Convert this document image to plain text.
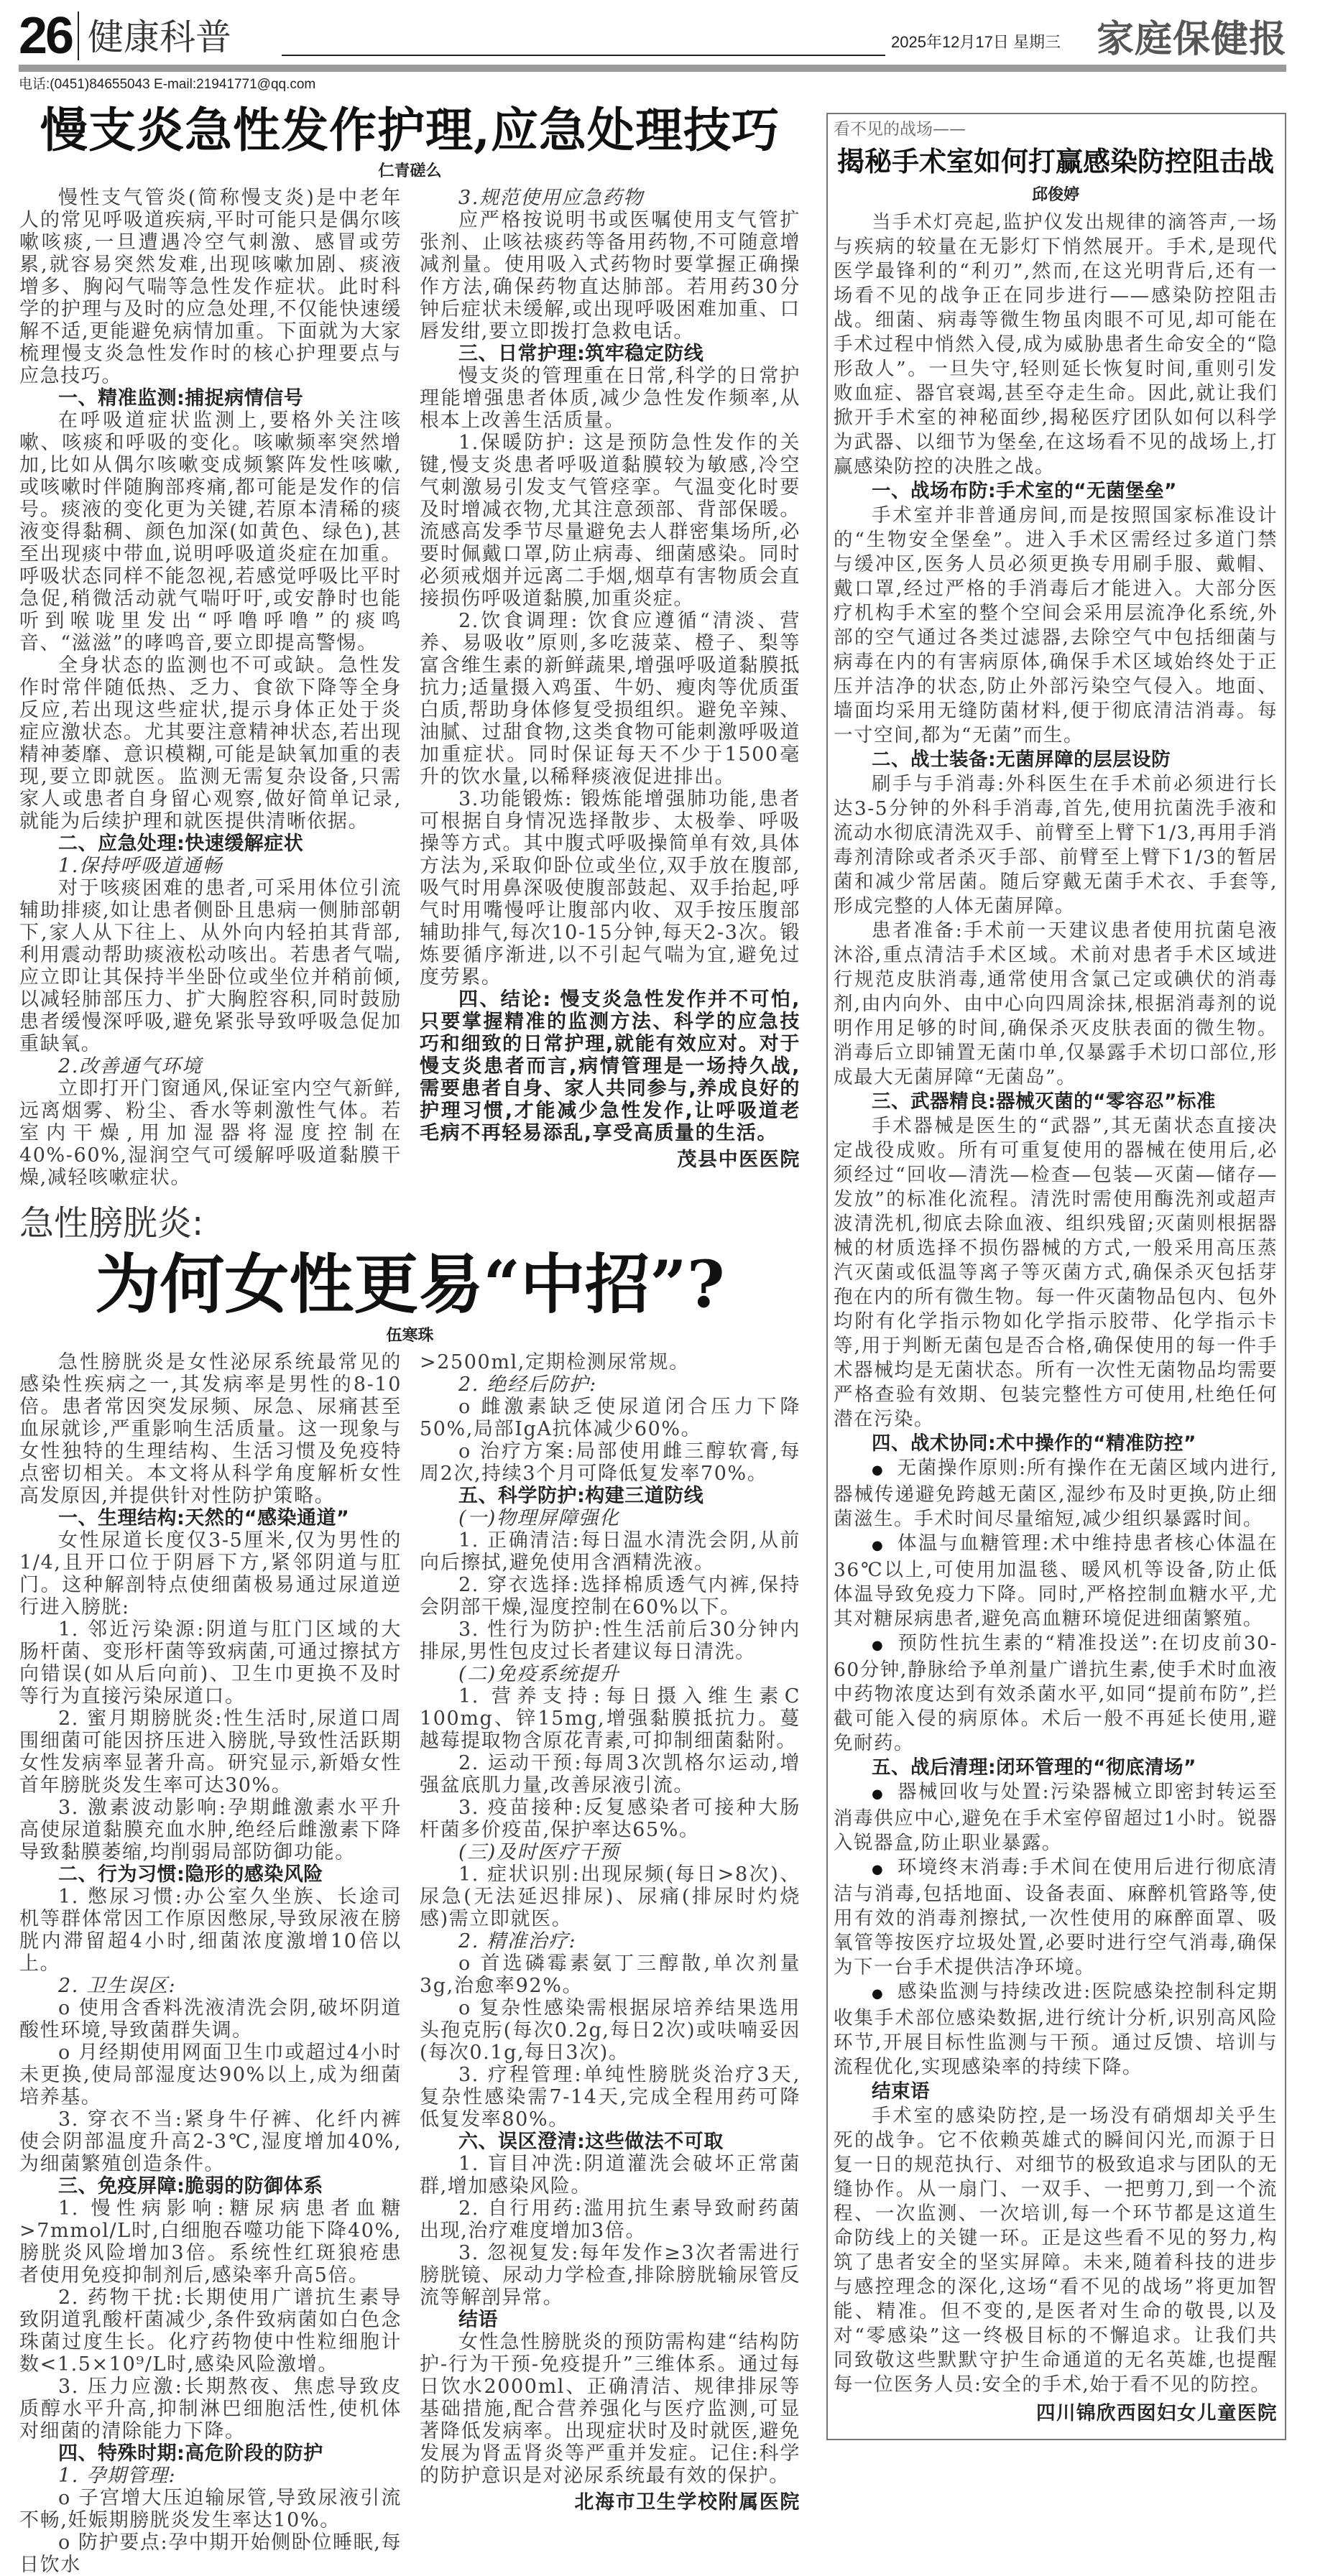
26 健康科普	2025年12月17日 星期三 家庭保健报
电话:(0451)84655043 E-mail:21941771@qq.com
慢支炎急性发作护理,应急处理技巧
仁青磋么

慢性支气管炎(简称慢支炎)是中老年人的常见呼吸道疾病,平时可能只是偶尔咳嗽咳痰,一旦遭遇冷空气刺激、感冒或劳累,就容易突然发难,出现咳嗽加剧、痰液增多、胸闷气喘等急性发作症状。此时科学的护理与及时的应急处理,不仅能快速缓解不适,更能避免病情加重。下面就为大家梳理慢支炎急性发作时的核心护理要点与应急技巧。

一、精准监测:捕捉病情信号

在呼吸道症状监测上,要格外关注咳嗽、咳痰和呼吸的变化。咳嗽频率突然增加,比如从偶尔咳嗽变成频繁阵发性咳嗽,或咳嗽时伴随胸部疼痛,都可能是发作的信号。痰液的变化更为关键,若原本清稀的痰液变得黏稠、颜色加深(如黄色、绿色),甚至出现痰中带血,说明呼吸道炎症在加重。呼吸状态同样不能忽视,若感觉呼吸比平时急促,稍微活动就气喘吁吁,或安静时也能听到喉咙里发出“呼噜呼噜”的痰鸣音、“滋滋”的哮鸣音,要立即提高警惕。

全身状态的监测也不可或缺。急性发作时常伴随低热、乏力、食欲下降等全身反应,若出现这些症状,提示身体正处于炎症应激状态。尤其要注意精神状态,若出现精神萎靡、意识模糊,可能是缺氧加重的表现,要立即就医。监测无需复杂设备,只需家人或患者自身留心观察,做好简单记录,就能为后续护理和就医提供清晰依据。

二、应急处理:快速缓解症状
1.保持呼吸道通畅

对于咳痰困难的患者,可采用体位引流辅助排痰,如让患者侧卧且患病一侧肺部朝下,家人从下往上、从外向内轻拍其背部,利用震动帮助痰液松动咳出。若患者气喘,应立即让其保持半坐卧位或坐位并稍前倾,以减轻肺部压力、扩大胸腔容积,同时鼓励患者缓慢深呼吸,避免紧张导致呼吸急促加重缺氧。

2.改善通气环境

立即打开门窗通风,保证室内空气新鲜,远离烟雾、粉尘、香水等刺激性气体。若室内干燥,用加湿器将湿度控制在40%-60%,湿润空气可缓解呼吸道黏膜干燥,减轻咳嗽症状。

3.规范使用应急药物

应严格按说明书或医嘱使用支气管扩张剂、止咳祛痰药等备用药物,不可随意增减剂量。使用吸入式药物时要掌握正确操作方法,确保药物直达肺部。若用药30分钟后症状未缓解,或出现呼吸困难加重、口唇发绀,要立即拨打急救电话。

三、日常护理:筑牢稳定防线

慢支炎的管理重在日常,科学的日常护理能增强患者体质,减少急性发作频率,从根本上改善生活质量。

1.保暖防护: 这是预防急性发作的关键,慢支炎患者呼吸道黏膜较为敏感,冷空气刺激易引发支气管痉挛。气温变化时要及时增减衣物,尤其注意颈部、背部保暖。流感高发季节尽量避免去人群密集场所,必要时佩戴口罩,防止病毒、细菌感染。同时必须戒烟并远离二手烟,烟草有害物质会直接损伤呼吸道黏膜,加重炎症。

2.饮食调理: 饮食应遵循“清淡、营养、易吸收”原则,多吃菠菜、橙子、梨等富含维生素的新鲜蔬果,增强呼吸道黏膜抵抗力;适量摄入鸡蛋、牛奶、瘦肉等优质蛋白质,帮助身体修复受损组织。避免辛辣、油腻、过甜食物,这类食物可能刺激呼吸道加重症状。同时保证每天不少于1500毫升的饮水量,以稀释痰液促进排出。

3.功能锻炼: 锻炼能增强肺功能,患者可根据自身情况选择散步、太极拳、呼吸操等方式。其中腹式呼吸操简单有效,具体方法为,采取仰卧位或坐位,双手放在腹部,吸气时用鼻深吸使腹部鼓起、双手抬起,呼气时用嘴慢呼让腹部内收、双手按压腹部辅助排气,每次10-15分钟,每天2-3次。锻炼要循序渐进,以不引起气喘为宜,避免过度劳累。

四、结论: 慢支炎急性发作并不可怕,只要掌握精准的监测方法、科学的应急技巧和细致的日常护理,就能有效应对。对于慢支炎患者而言,病情管理是一场持久战,需要患者自身、家人共同参与,养成良好的护理习惯,才能减少急性发作,让呼吸道老毛病不再轻易添乱,享受高质量的生活。

茂县中医医院
急性膀胱炎:
为何女性更易“中招”?
伍寒珠

急性膀胱炎是女性泌尿系统最常见的感染性疾病之一,其发病率是男性的8-10倍。患者常因突发尿频、尿急、尿痛甚至血尿就诊,严重影响生活质量。这一现象与女性独特的生理结构、生活习惯及免疫特点密切相关。本文将从科学角度解析女性高发原因,并提供针对性防护策略。

一、生理结构:天然的“感染通道”

女性尿道长度仅3-5厘米,仅为男性的1/4,且开口位于阴唇下方,紧邻阴道与肛门。这种解剖特点使细菌极易通过尿道逆行进入膀胱:

1. 邻近污染源:阴道与肛门区域的大肠杆菌、变形杆菌等致病菌,可通过擦拭方向错误(如从后向前)、卫生巾更换不及时等行为直接污染尿道口。

2. 蜜月期膀胱炎:性生活时,尿道口周围细菌可能因挤压进入膀胱,导致性活跃期女性发病率显著升高。研究显示,新婚女性首年膀胱炎发生率可达30%。

3. 激素波动影响:孕期雌激素水平升高使尿道黏膜充血水肿,绝经后雌激素下降导致黏膜萎缩,均削弱局部防御功能。

二、行为习惯:隐形的感染风险

1. 憋尿习惯:办公室久坐族、长途司机等群体常因工作原因憋尿,导致尿液在膀胱内滞留超4小时,细菌浓度激增10倍以上。

2. 卫生误区:

o 使用含香料洗液清洗会阴,破坏阴道酸性环境,导致菌群失调。

o 月经期使用网面卫生巾或超过4小时未更换,使局部湿度达90%以上,成为细菌培养基。

3. 穿衣不当:紧身牛仔裤、化纤内裤使会阴部温度升高2-3℃,湿度增加40%,为细菌繁殖创造条件。

三、免疫屏障:脆弱的防御体系

1. 慢性病影响:糖尿病患者血糖>7mmol/L时,白细胞吞噬功能下降40%,膀胱炎风险增加3倍。系统性红斑狼疮患者使用免疫抑制剂后,感染率升高5倍。

2. 药物干扰:长期使用广谱抗生素导致阴道乳酸杆菌减少,条件致病菌如白色念珠菌过度生长。化疗药物使中性粒细胞计数<1.5×10⁹/L时,感染风险激增。

3. 压力应激:长期熬夜、焦虑导致皮质醇水平升高,抑制淋巴细胞活性,使机体对细菌的清除能力下降。

四、特殊时期:高危阶段的防护
1. 孕期管理:

o 子宫增大压迫输尿管,导致尿液引流不畅,妊娠期膀胱炎发生率达10%。

o 防护要点:孕中期开始侧卧位睡眠,每日饮水

>2500ml,定期检测尿常规。

2. 绝经后防护:

o 雌激素缺乏使尿道闭合压力下降50%,局部IgA抗体减少60%。

o 治疗方案:局部使用雌三醇软膏,每周2次,持续3个月可降低复发率70%。

五、科学防护:构建三道防线
(一)物理屏障强化

1. 正确清洁:每日温水清洗会阴,从前向后擦拭,避免使用含酒精洗液。

2. 穿衣选择:选择棉质透气内裤,保持会阴部干燥,湿度控制在60%以下。

3. 性行为防护:性生活前后30分钟内排尿,男性包皮过长者建议每日清洗。

(二)免疫系统提升

1. 营养支持:每日摄入维生素C 100mg、锌15mg,增强黏膜抵抗力。蔓越莓提取物含原花青素,可抑制细菌黏附。

2. 运动干预:每周3次凯格尔运动,增强盆底肌力量,改善尿液引流。

3. 疫苗接种:反复感染者可接种大肠杆菌多价疫苗,保护率达65%。

(三)及时医疗干预

1. 症状识别:出现尿频(每日>8次)、尿急(无法延迟排尿)、尿痛(排尿时灼烧感)需立即就医。

2. 精准治疗:

o 首选磷霉素氨丁三醇散,单次剂量3g,治愈率92%。

o 复杂性感染需根据尿培养结果选用头孢克肟(每次0.2g,每日2次)或呋喃妥因(每次0.1g,每日3次)。

3. 疗程管理:单纯性膀胱炎治疗3天,复杂性感染需7-14天,完成全程用药可降低复发率80%。

六、误区澄清:这些做法不可取

1. 盲目冲洗:阴道灌洗会破坏正常菌群,增加感染风险。

2. 自行用药:滥用抗生素导致耐药菌出现,治疗难度增加3倍。

3. 忽视复发:每年发作≥3次者需进行膀胱镜、尿动力学检查,排除膀胱输尿管反流等解剖异常。

结语

女性急性膀胱炎的预防需构建“结构防护-行为干预-免疫提升”三维体系。通过每日饮水2000ml、正确清洁、规律排尿等基础措施,配合营养强化与医疗监测,可显著降低发病率。出现症状时及时就医,避免发展为肾盂肾炎等严重并发症。记住:科学的防护意识是对泌尿系统最有效的保护。

北海市卫生学校附属医院
看不见的战场——
揭秘手术室如何打赢感染防控阻击战
邱俊婷

当手术灯亮起,监护仪发出规律的滴答声,一场与疾病的较量在无影灯下悄然展开。手术,是现代医学最锋利的“利刃”,然而,在这光明背后,还有一场看不见的战争正在同步进行——感染防控阻击战。细菌、病毒等微生物虽肉眼不可见,却可能在手术过程中悄然入侵,成为威胁患者生命安全的“隐形敌人”。一旦失守,轻则延长恢复时间,重则引发败血症、器官衰竭,甚至夺走生命。因此,就让我们掀开手术室的神秘面纱,揭秘医疗团队如何以科学为武器、以细节为堡垒,在这场看不见的战场上,打赢感染防控的决胜之战。

一、战场布防:手术室的“无菌堡垒”

手术室并非普通房间,而是按照国家标准设计的“生物安全堡垒”。进入手术区需经过多道门禁与缓冲区,医务人员必须更换专用刷手服、戴帽、戴口罩,经过严格的手消毒后才能进入。大部分医疗机构手术室的整个空间会采用层流净化系统,外部的空气通过各类过滤器,去除空气中包括细菌与病毒在内的有害病原体,确保手术区域始终处于正压并洁净的状态,防止外部污染空气侵入。地面、墙面均采用无缝防菌材料,便于彻底清洁消毒。每一寸空间,都为“无菌”而生。

二、战士装备:无菌屏障的层层设防

刷手与手消毒:外科医生在手术前必须进行长达3-5分钟的外科手消毒,首先,使用抗菌洗手液和流动水彻底清洗双手、前臂至上臂下1/3,再用手消毒剂清除或者杀灭手部、前臂至上臂下1/3的暂居菌和减少常居菌。随后穿戴无菌手术衣、手套等,形成完整的人体无菌屏障。

患者准备:手术前一天建议患者使用抗菌皂液沐浴,重点清洁手术区域。术前对患者手术区域进行规范皮肤消毒,通常使用含氯己定或碘伏的消毒剂,由内向外、由中心向四周涂抹,根据消毒剂的说明作用足够的时间,确保杀灭皮肤表面的微生物。消毒后立即铺置无菌巾单,仅暴露手术切口部位,形成最大无菌屏障“无菌岛”。

三、武器精良:器械灭菌的“零容忍”标准

手术器械是医生的“武器”,其无菌状态直接决定战役成败。所有可重复使用的器械在使用后,必须经过“回收—清洗—检查—包装—灭菌—储存—发放”的标准化流程。清洗时需使用酶洗剂或超声波清洗机,彻底去除血液、组织残留;灭菌则根据器械的材质选择不损伤器械的方式,一般采用高压蒸汽灭菌或低温等离子等灭菌方式,确保杀灭包括芽孢在内的所有微生物。每一件灭菌物品包内、包外均附有化学指示物如化学指示胶带、化学指示卡等,用于判断无菌包是否合格,确保使用的每一件手术器械均是无菌状态。所有一次性无菌物品均需要严格查验有效期、包装完整性方可使用,杜绝任何潜在污染。

四、战术协同:术中操作的“精准防控”

● 无菌操作原则:所有操作在无菌区域内进行,器械传递避免跨越无菌区,湿纱布及时更换,防止细菌滋生。手术时间尽量缩短,减少组织暴露时间。

● 体温与血糖管理:术中维持患者核心体温在36℃以上,可使用加温毯、暖风机等设备,防止低体温导致免疫力下降。同时,严格控制血糖水平,尤其对糖尿病患者,避免高血糖环境促进细菌繁殖。

● 预防性抗生素的“精准投送”:在切皮前30-60分钟,静脉给予单剂量广谱抗生素,使手术时血液中药物浓度达到有效杀菌水平,如同“提前布防”,拦截可能入侵的病原体。术后一般不再延长使用,避免耐药。

五、战后清理:闭环管理的“彻底清场”

● 器械回收与处置:污染器械立即密封转运至消毒供应中心,避免在手术室停留超过1小时。锐器入锐器盒,防止职业暴露。

● 环境终末消毒:手术间在使用后进行彻底清洁与消毒,包括地面、设备表面、麻醉机管路等,使用有效的消毒剂擦拭,一次性使用的麻醉面罩、吸氧管等按医疗垃圾处置,必要时进行空气消毒,确保为下一台手术提供洁净环境。

● 感染监测与持续改进:医院感染控制科定期收集手术部位感染数据,进行统计分析,识别高风险环节,开展目标性监测与干预。通过反馈、培训与流程优化,实现感染率的持续下降。

结束语

手术室的感染防控,是一场没有硝烟却关乎生死的战争。它不依赖英雄式的瞬间闪光,而源于日复一日的规范执行、对细节的极致追求与团队的无缝协作。从一扇门、一双手、一把剪刀,到一个流程、一次监测、一次培训,每一个环节都是这道生命防线上的关键一环。正是这些看不见的努力,构筑了患者安全的坚实屏障。未来,随着科技的进步与感控理念的深化,这场“看不见的战场”将更加智能、精准。但不变的,是医者对生命的敬畏,以及对“零感染”这一终极目标的不懈追求。让我们共同致敬这些默默守护生命通道的无名英雄,也提醒每一位医务人员:安全的手术,始于看不见的防控。

四川锦欣西囡妇女儿童医院
